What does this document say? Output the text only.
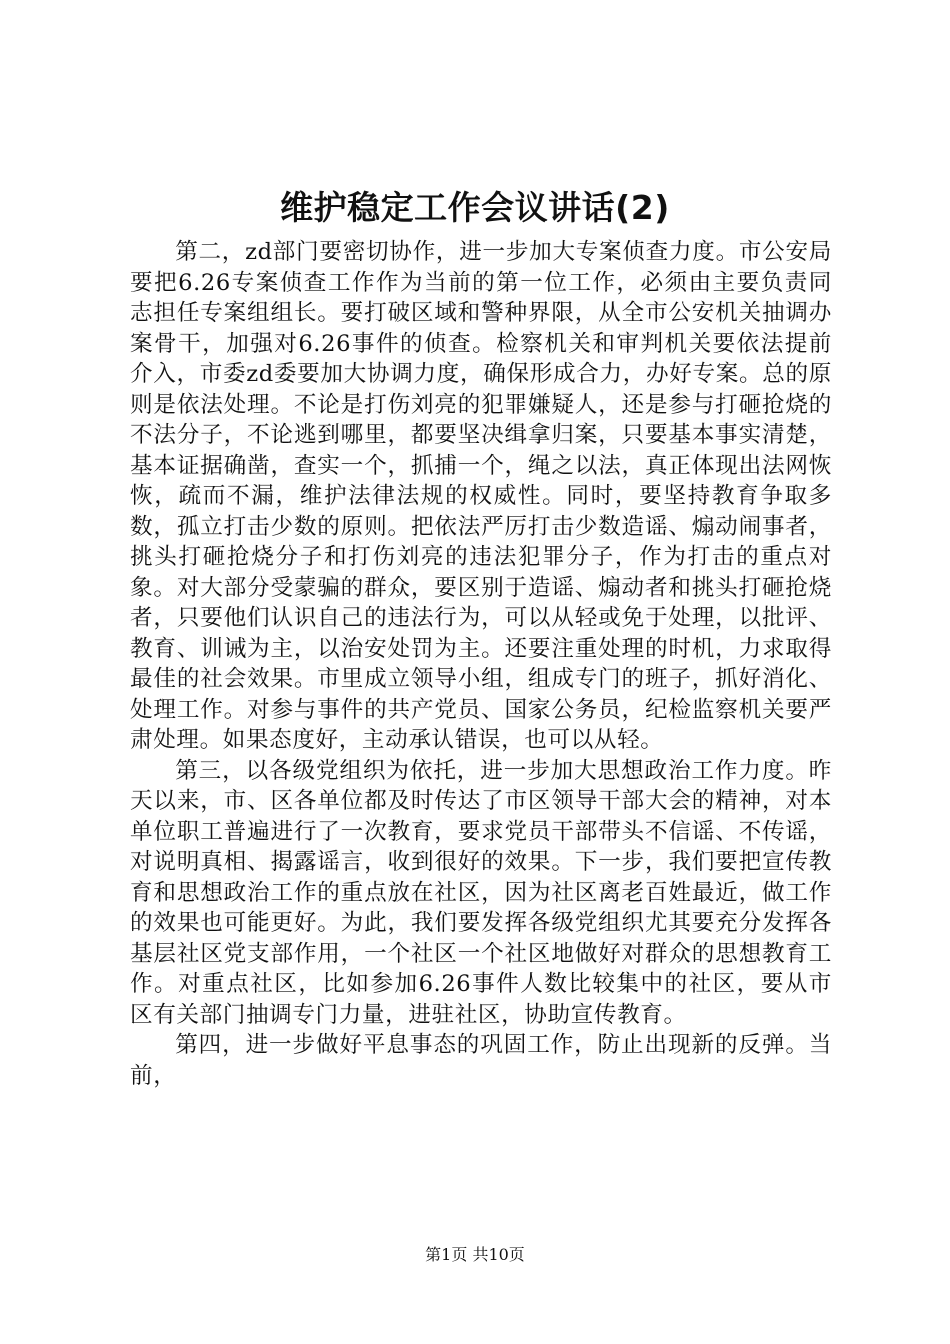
维护稳定工作会议讲话(2)

第二，zd部门要密切协作，进一步加大专案侦查力度。市公安局要把6.26专案侦查工作作为当前的第一位工作，必须由主要负责同志担任专案组组长。要打破区域和警种界限，从全市公安机关抽调办案骨干，加强对6.26事件的侦查。检察机关和审判机关要依法提前介入，市委zd委要加大协调力度，确保形成合力，办好专案。总的原则是依法处理。不论是打伤刘亮的犯罪嫌疑人，还是参与打砸抢烧的不法分子，不论逃到哪里，都要坚决缉拿归案，只要基本事实清楚，基本证据确凿，查实一个，抓捕一个，绳之以法，真正体现出法网恢恢，疏而不漏，维护法律法规的权威性。同时，要坚持教育争取多数，孤立打击少数的原则。把依法严厉打击少数造谣、煽动闹事者，挑头打砸抢烧分子和打伤刘亮的违法犯罪分子，作为打击的重点对象。对大部分受蒙骗的群众，要区别于造谣、煽动者和挑头打砸抢烧者，只要他们认识自己的违法行为，可以从轻或免于处理，以批评、教育、训诫为主，以治安处罚为主。还要注重处理的时机，力求取得最佳的社会效果。市里成立领导小组，组成专门的班子，抓好消化、处理工作。对参与事件的共产党员、国家公务员，纪检监察机关要严肃处理。如果态度好，主动承认错误，也可以从轻。

第三，以各级党组织为依托，进一步加大思想政治工作力度。昨天以来，市、区各单位都及时传达了市区领导干部大会的精神，对本单位职工普遍进行了一次教育，要求党员干部带头不信谣、不传谣，对说明真相、揭露谣言，收到很好的效果。下一步，我们要把宣传教育和思想政治工作的重点放在社区，因为社区离老百姓最近，做工作的效果也可能更好。为此，我们要发挥各级党组织尤其要充分发挥各基层社区党支部作用，一个社区一个社区地做好对群众的思想教育工作。对重点社区，比如参加6.26事件人数比较集中的社区，要从市区有关部门抽调专门力量，进驻社区，协助宣传教育。

第四，进一步做好平息事态的巩固工作，防止出现新的反弹。当前，

第1页 共10页
